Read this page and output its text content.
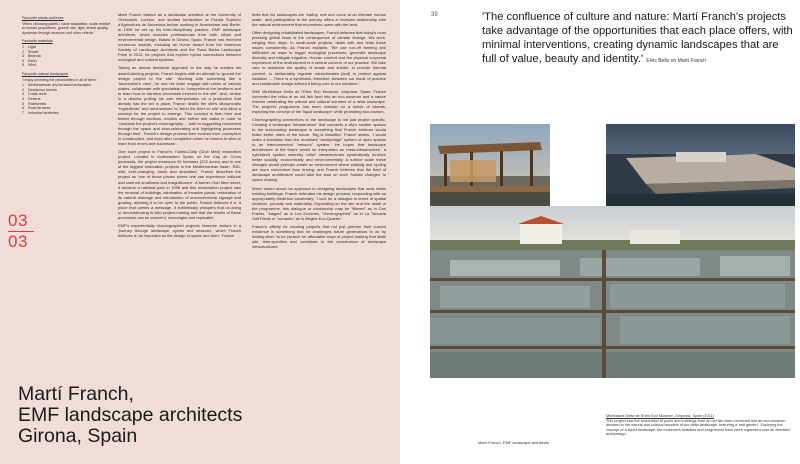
Favourite plants and trees
'When choosing plants I value adaptation, scale relative to human proportions, growth rate, light, shade quality, dynamics through seasons and other criteria.'
Favourite materials
1 Light
2 Shade
3 Bedrock
4 Earth
5 Wind
Favourite natural landscapes
'I enjoy unveiling the peculiarities in all of them.'
1 Mediterranean dry-terraced landscapes
2 Deciduous forests
3 Coast-reefs
4 Deserts
5 Rainforests
6 Rock-terraces
7 Industrial territories
03
03

Martí Franch trained as a landscape architect at the University of Greenwich, London, and studied horticulture at Escola Superior d'Agricultura de Barcelona before working in Amsterdam and Berlin. In 1999 he set up his inter-disciplinary practice, EMF landscape architects, which includes professionals from both urban and environmental design. Based in Girona, Spain, Franch has received numerous awards, including an Honor Award from the American Society of Landscape Architects and the Rosa Barba Landscape Prize in 2012, for projects that explore hybrid connections between ecological and cultural systems.

Taking an almost theatrical approach to the way he creates his award-winning projects, Franch begins with an attempt to 'ground the design project to the site'. Working with something like a 'taxonomist's view', he and his team engage with plans of various scales, collaborate with specialists to 'comprehend the landform and to learn how to harness processes inherent to the site'. And, similar to a director putting his own interpretation on a production that already has the set in place, Franch 'distills the site's idiosyncratic "ingredients" and mechanisms' to 'bend the brief on site' and allow a concept for the project to emerge. This concept is then tried and tested through sections, models and further site walks in order to 'compose the project's choreography ... both in suggesting movement through the space and slow-celebrating and highlighting processes through time'. Franch's design process then evolves from conception to construction, and even after completion when he returns to sites to learn from errors and successes'.

One such project is Franch's Tudela-Culip (Club Med) restoration project. Located in northeastern Spain, on the Cap de Creus peninsula, the project measures 90 hectares (222 acres) and is one of the biggest restoration projects in the Mediterranean basin. 'BIG, wild, ever-changing, harsh and desolated', Franch describes the project as 'one of those places where one can experience solitude and confront smallness and insignificance'. A former Club Med resort, it became a national park in 1998 and this reclamation project saw the removal of buildings, elimination of invasive plants, restoration of its natural drainage and introduction of unconventional signage and grading, allowing it to be open to the public. Franch believes it is 'a place that carries a message. It subliminally whispers that un-doing or deconstructing is also project-making and that the results of these processes can be powerful, meaningful and replicable'.

EMF's experientially choreographed projects immerse visitors in a 'journey through landscape, cycles and seasons', which Franch believes is 'as important as the design of space and form'. Franch

feels that his landscapes are 'earthy, real and occur at an intimate human scale', and participation in the journey offers a renewed relationship with the natural environment that reconnects users with the land.

Often designing rehabilitated landscapes, Franch believes that today's most pressing global issue is the consequence of climate change. His work, ranging from large- to small-scale projects, deals with and tests these issues consistently. As Franch explains: 'We use run-off farming and infiltration as ways to trigger ecological processes, generate landscape diversity and mitigate irrigation. Human comfort and the physical corporeal experience of the environment is a central concern of our practice. We take care to maximize the quality of shade and shelter, to provide thermal comfort, to deliberately regulate microclimates [and] to protect against radiation ... There is a symbiosis, therefore, between our mode of practice and sustainable design without it being core to our narrative.'

With MiniNatura Delta de l'Ebre Eco Museum, Amposta, Spain, Franch converted the relics of an old fish farm into an eco-museum and a nature reserve celebrating the natural and cultural wonders of a delta landscape. The project's programme has been overlaid on a series of islands, exploring the concept of the 'liquid landscape' while promoting eco-tourism.

Choreographing connections to the landscape is not just project specific. Creating a landscape 'infrastructure' that connects a city's smaller spaces to the surrounding landscape is something that Franch believes would make better cities of the future. 'Big is beautiful,' Franch states, 'I would make a transition from the dominant "archipelago" system of open spaces to an interconnected "network" system.' He hopes that landscape architecture of the future would be interpreted as 'meta-infrastructure', a hybridized system whereby 'other' infrastructures symbiotically function better socially, economically and environmentally. A turbine scale these changes would perhaps create an environment where walking and cycling are more convenient than driving, and Franch believes that the field of landscape architecture could take the lead on such 'holistic changes' to space-making.

When asked about his approach to designing landscapes that must retain existing buildings, Franch reiterates his design process, responding with an appropriately theatrical vocabulary: 'I look for a dialogue in terms of spatial relations, porosity and materiality. Depending on the site and the detail of the programme, this dialogue or relationship may be "filtered" as in Can Framis, "staged" as in Les Echaries, "choreographed" as in La Tancada Salt Fields or "romantic" as in Begles Eco-Quarter.'

Franch's affinity for creating projects that not just perform their current existence is something that he challenges future generations to do by inviting them 'to be (search for affordable ways of project making that distill site, time-specifics and contribute to the construction of landscape infrastructures'.

Martí Franch,
EMF landscape architects
Girona, Spain
39	'The confluence of culture and nature: Martí Franch's projects take advantage of the opportunities that each place offers, with minimal interventions, creating dynamic landscapes that are full of value, beauty and identity.' Elvic Bello on Martí Franch
Martí Franch, EMF landscape architects
MiniNatura Delta de l'Ebre Eco Museum, Amposta, Spain (2011)
This project saw the restoration of pools and buildings from an old fish farm converted into an eco-museum devoted to the natural and cultural wonders of the delta landscape, featuring a 'salt garden'. Exploring the concept of a liquid landscape, the museum's activities and programme have been organized over an elevated archipelago.
